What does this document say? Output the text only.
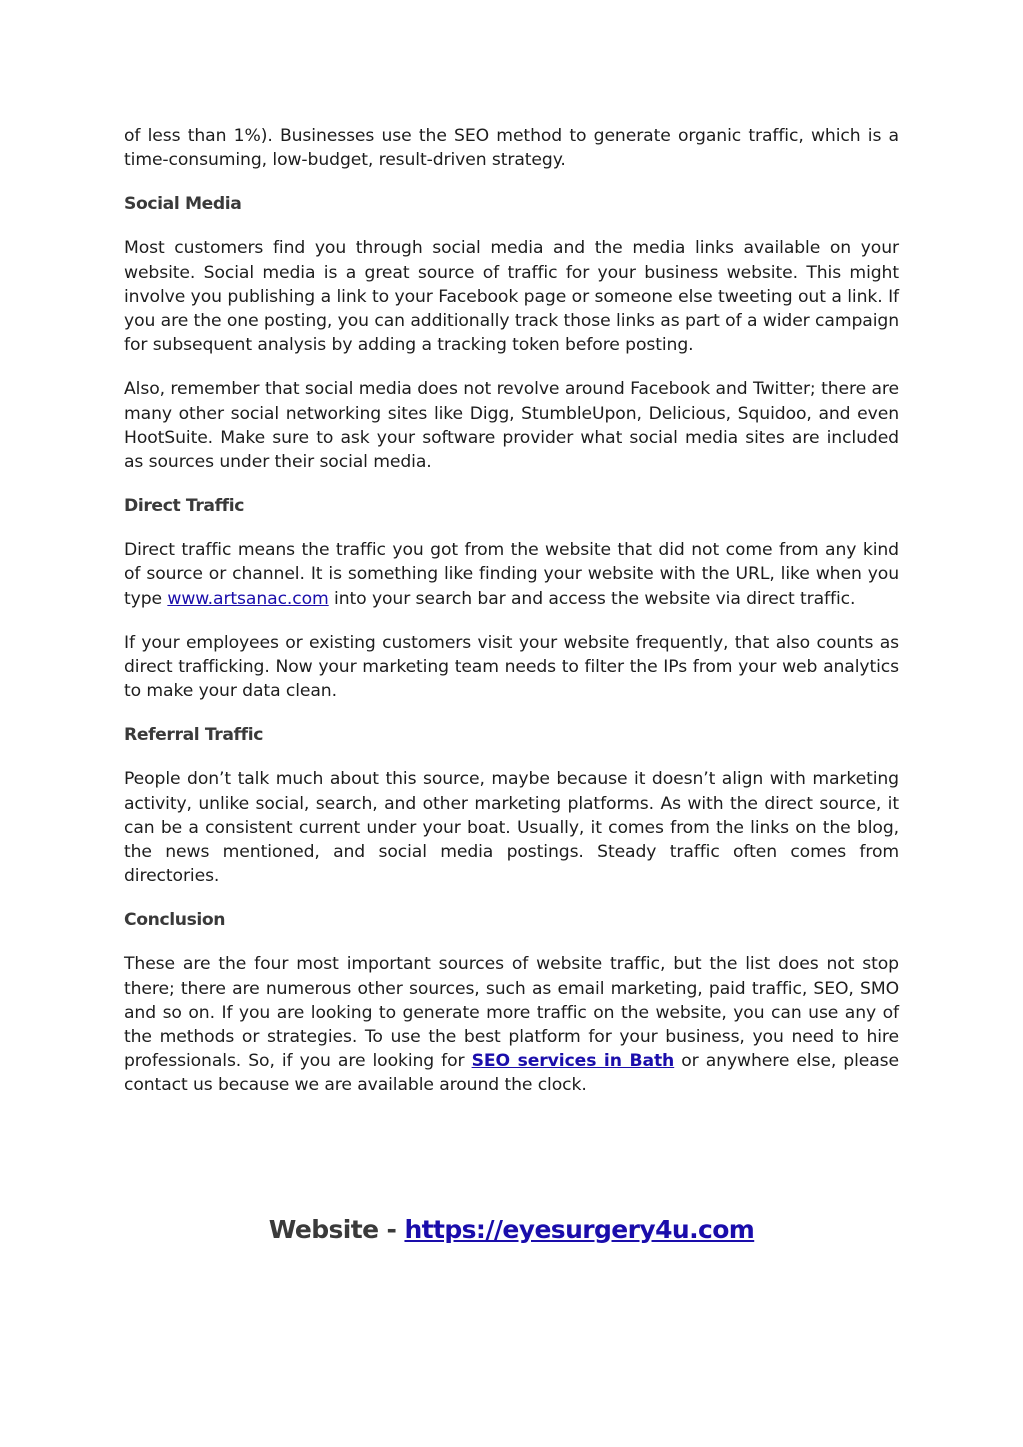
of less than 1%). Businesses use the SEO method to generate organic traffic, which is a time-consuming, low-budget, result-driven strategy.

Social Media

Most customers find you through social media and the media links available on your website. Social media is a great source of traffic for your business website. This might involve you publishing a link to your Facebook page or someone else tweeting out a link. If you are the one posting, you can additionally track those links as part of a wider campaign for subsequent analysis by adding a tracking token before posting.

Also, remember that social media does not revolve around Facebook and Twitter; there are many other social networking sites like Digg, StumbleUpon, Delicious, Squidoo, and even HootSuite. Make sure to ask your software provider what social media sites are included as sources under their social media.

Direct Traffic

Direct traffic means the traffic you got from the website that did not come from any kind of source or channel. It is something like finding your website with the URL, like when you type www.artsanac.com into your search bar and access the website via direct traffic.

If your employees or existing customers visit your website frequently, that also counts as direct trafficking. Now your marketing team needs to filter the IPs from your web analytics to make your data clean.

Referral Traffic

People don’t talk much about this source, maybe because it doesn’t align with marketing activity, unlike social, search, and other marketing platforms. As with the direct source, it can be a consistent current under your boat. Usually, it comes from the links on the blog, the news mentioned, and social media postings. Steady traffic often comes from directories.

Conclusion

These are the four most important sources of website traffic, but the list does not stop there; there are numerous other sources, such as email marketing, paid traffic, SEO, SMO and so on. If you are looking to generate more traffic on the website, you can use any of the methods or strategies. To use the best platform for your business, you need to hire professionals. So, if you are looking for SEO services in Bath or anywhere else, please contact us because we are available around the clock.

Website - https://eyesurgery4u.com
